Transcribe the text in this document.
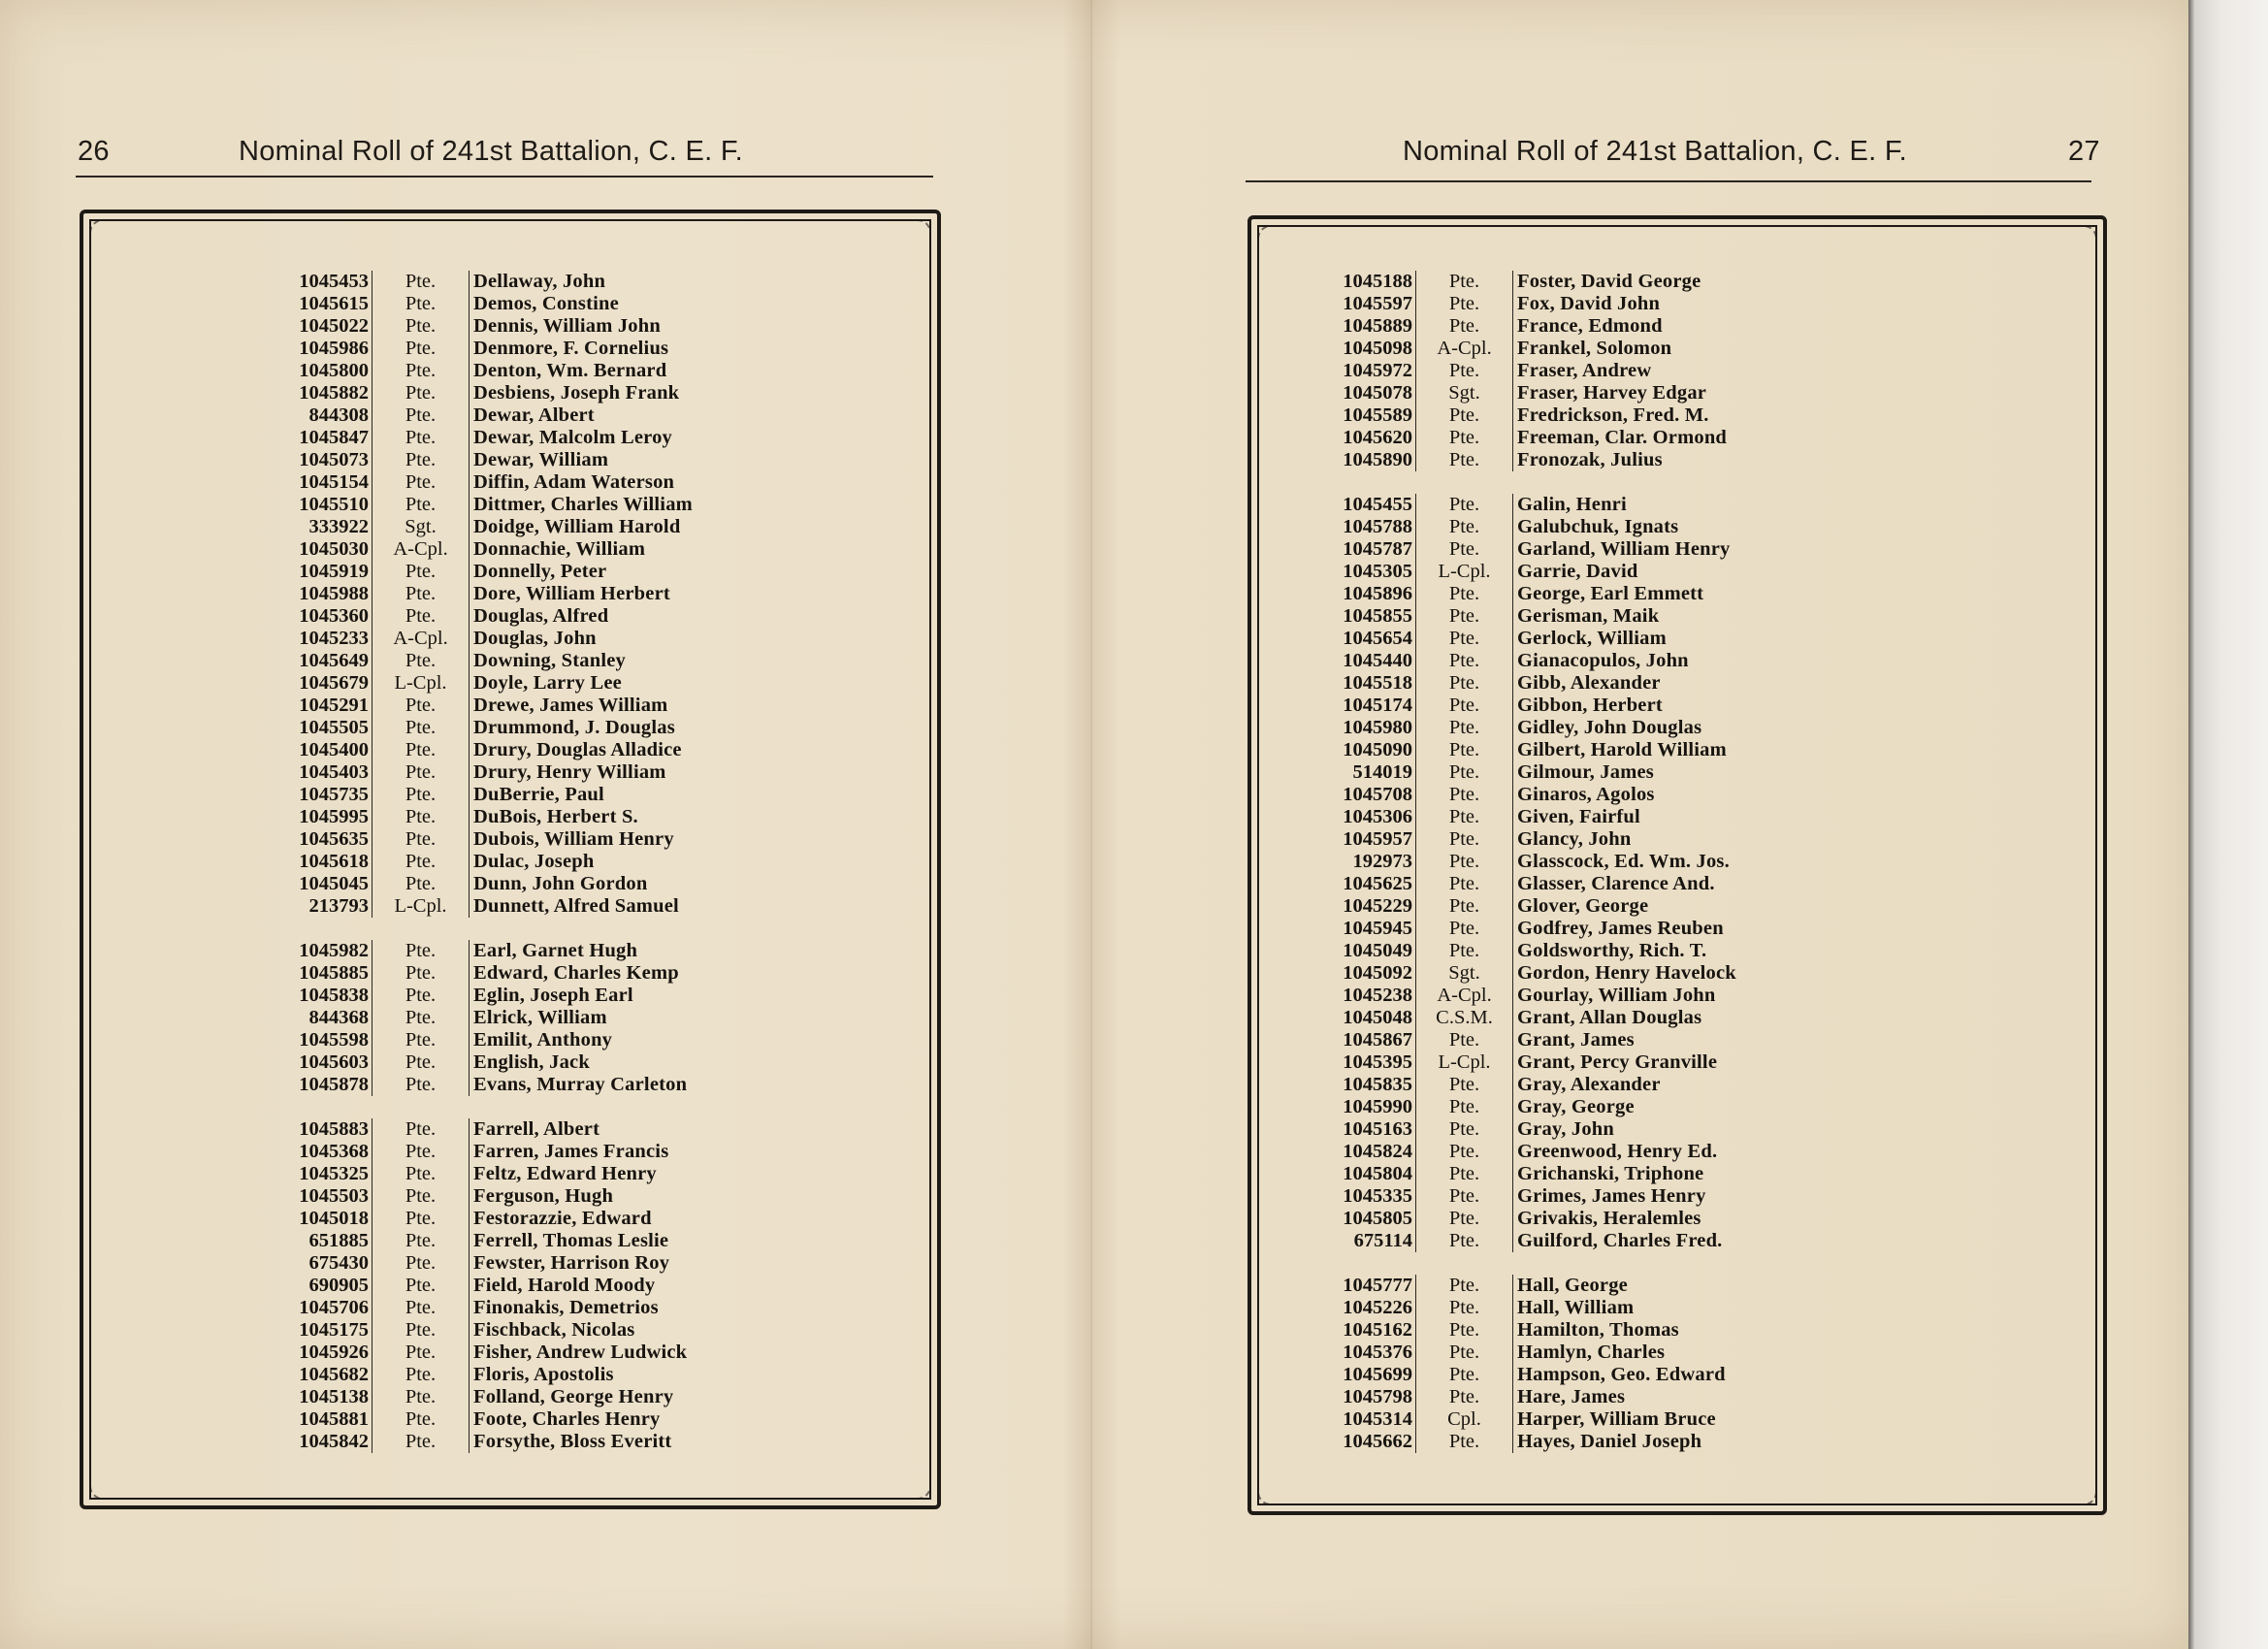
26	Nominal Roll of 241st Battalion, C. E. F.
1045453	Pte.	Dellaway, John
1045615	Pte.	Demos, Constine
1045022	Pte.	Dennis, William John
1045986	Pte.	Denmore, F. Cornelius
1045800	Pte.	Denton, Wm. Bernard
1045882	Pte.	Desbiens, Joseph Frank
844308	Pte.	Dewar, Albert
1045847	Pte.	Dewar, Malcolm Leroy
1045073	Pte.	Dewar, William
1045154	Pte.	Diffin, Adam Waterson
1045510	Pte.	Dittmer, Charles William
333922	Sgt.	Doidge, William Harold
1045030	A-Cpl.	Donnachie, William
1045919	Pte.	Donnelly, Peter
1045988	Pte.	Dore, William Herbert
1045360	Pte.	Douglas, Alfred
1045233	A-Cpl.	Douglas, John
1045649	Pte.	Downing, Stanley
1045679	L-Cpl.	Doyle, Larry Lee
1045291	Pte.	Drewe, James William
1045505	Pte.	Drummond, J. Douglas
1045400	Pte.	Drury, Douglas Alladice
1045403	Pte.	Drury, Henry William
1045735	Pte.	DuBerrie, Paul
1045995	Pte.	DuBois, Herbert S.
1045635	Pte.	Dubois, William Henry
1045618	Pte.	Dulac, Joseph
1045045	Pte.	Dunn, John Gordon
213793	L-Cpl.	Dunnett, Alfred Samuel
1045982	Pte.	Earl, Garnet Hugh
1045885	Pte.	Edward, Charles Kemp
1045838	Pte.	Eglin, Joseph Earl
844368	Pte.	Elrick, William
1045598	Pte.	Emilit, Anthony
1045603	Pte.	English, Jack
1045878	Pte.	Evans, Murray Carleton
1045883	Pte.	Farrell, Albert
1045368	Pte.	Farren, James Francis
1045325	Pte.	Feltz, Edward Henry
1045503	Pte.	Ferguson, Hugh
1045018	Pte.	Festorazzie, Edward
651885	Pte.	Ferrell, Thomas Leslie
675430	Pte.	Fewster, Harrison Roy
690905	Pte.	Field, Harold Moody
1045706	Pte.	Finonakis, Demetrios
1045175	Pte.	Fischback, Nicolas
1045926	Pte.	Fisher, Andrew Ludwick
1045682	Pte.	Floris, Apostolis
1045138	Pte.	Folland, George Henry
1045881	Pte.	Foote, Charles Henry
1045842	Pte.	Forsythe, Bloss Everitt
Nominal Roll of 241st Battalion, C. E. F.	27
1045188	Pte.	Foster, David George
1045597	Pte.	Fox, David John
1045889	Pte.	France, Edmond
1045098	A-Cpl.	Frankel, Solomon
1045972	Pte.	Fraser, Andrew
1045078	Sgt.	Fraser, Harvey Edgar
1045589	Pte.	Fredrickson, Fred. M.
1045620	Pte.	Freeman, Clar. Ormond
1045890	Pte.	Fronozak, Julius
1045455	Pte.	Galin, Henri
1045788	Pte.	Galubchuk, Ignats
1045787	Pte.	Garland, William Henry
1045305	L-Cpl.	Garrie, David
1045896	Pte.	George, Earl Emmett
1045855	Pte.	Gerisman, Maik
1045654	Pte.	Gerlock, William
1045440	Pte.	Gianacopulos, John
1045518	Pte.	Gibb, Alexander
1045174	Pte.	Gibbon, Herbert
1045980	Pte.	Gidley, John Douglas
1045090	Pte.	Gilbert, Harold William
514019	Pte.	Gilmour, James
1045708	Pte.	Ginaros, Agolos
1045306	Pte.	Given, Fairful
1045957	Pte.	Glancy, John
192973	Pte.	Glasscock, Ed. Wm. Jos.
1045625	Pte.	Glasser, Clarence And.
1045229	Pte.	Glover, George
1045945	Pte.	Godfrey, James Reuben
1045049	Pte.	Goldsworthy, Rich. T.
1045092	Sgt.	Gordon, Henry Havelock
1045238	A-Cpl.	Gourlay, William John
1045048	C.S.M.	Grant, Allan Douglas
1045867	Pte.	Grant, James
1045395	L-Cpl.	Grant, Percy Granville
1045835	Pte.	Gray, Alexander
1045990	Pte.	Gray, George
1045163	Pte.	Gray, John
1045824	Pte.	Greenwood, Henry Ed.
1045804	Pte.	Grichanski, Triphone
1045335	Pte.	Grimes, James Henry
1045805	Pte.	Grivakis, Heralemles
675114	Pte.	Guilford, Charles Fred.
1045777	Pte.	Hall, George
1045226	Pte.	Hall, William
1045162	Pte.	Hamilton, Thomas
1045376	Pte.	Hamlyn, Charles
1045699	Pte.	Hampson, Geo. Edward
1045798	Pte.	Hare, James
1045314	Cpl.	Harper, William Bruce
1045662	Pte.	Hayes, Daniel Joseph
